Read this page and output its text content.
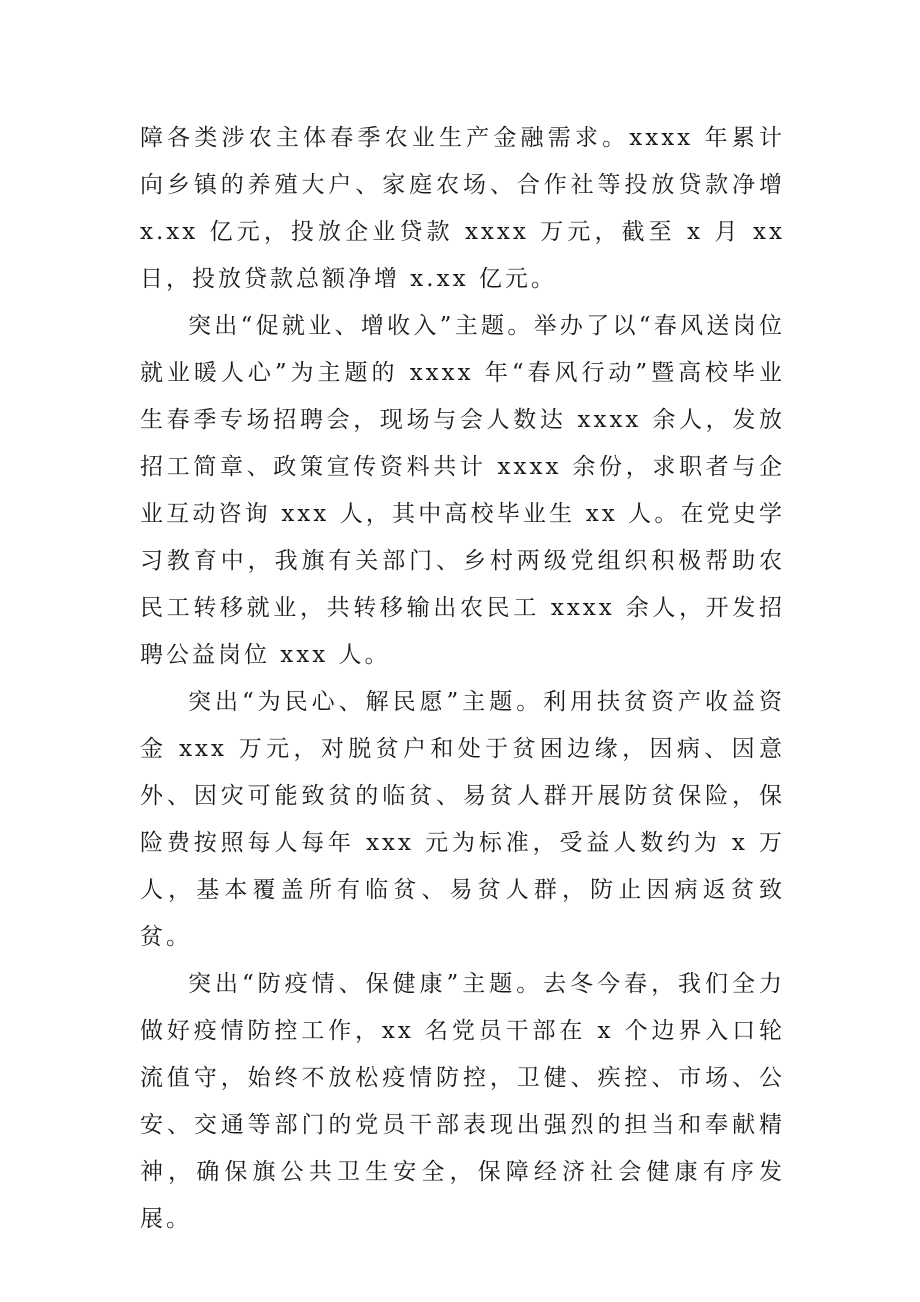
障各类涉农主体春季农业生产金融需求。xxxx 年累计向乡镇的养殖大户、家庭农场、合作社等投放贷款净增 x.xx 亿元，投放企业贷款 xxxx 万元，截至 x 月 xx 日，投放贷款总额净增 x.xx 亿元。

突出“促就业、增收入”主题。举办了以“春风送岗位就业暖人心”为主题的 xxxx 年“春风行动”暨高校毕业生春季专场招聘会，现场与会人数达 xxxx 余人，发放招工简章、政策宣传资料共计 xxxx 余份，求职者与企业互动咨询 xxx 人，其中高校毕业生 xx 人。在党史学习教育中，我旗有关部门、乡村两级党组织积极帮助农民工转移就业，共转移输出农民工 xxxx 余人，开发招聘公益岗位 xxx 人。

突出“为民心、解民愿”主题。利用扶贫资产收益资金 xxx 万元，对脱贫户和处于贫困边缘，因病、因意外、因灾可能致贫的临贫、易贫人群开展防贫保险，保险费按照每人每年 xxx 元为标准，受益人数约为 x 万人，基本覆盖所有临贫、易贫人群，防止因病返贫致贫。

突出“防疫情、保健康”主题。去冬今春，我们全力做好疫情防控工作，xx 名党员干部在 x 个边界入口轮流值守，始终不放松疫情防控，卫健、疾控、市场、公安、交通等部门的党员干部表现出强烈的担当和奉献精神，确保旗公共卫生安全，保障经济社会健康有序发展。
